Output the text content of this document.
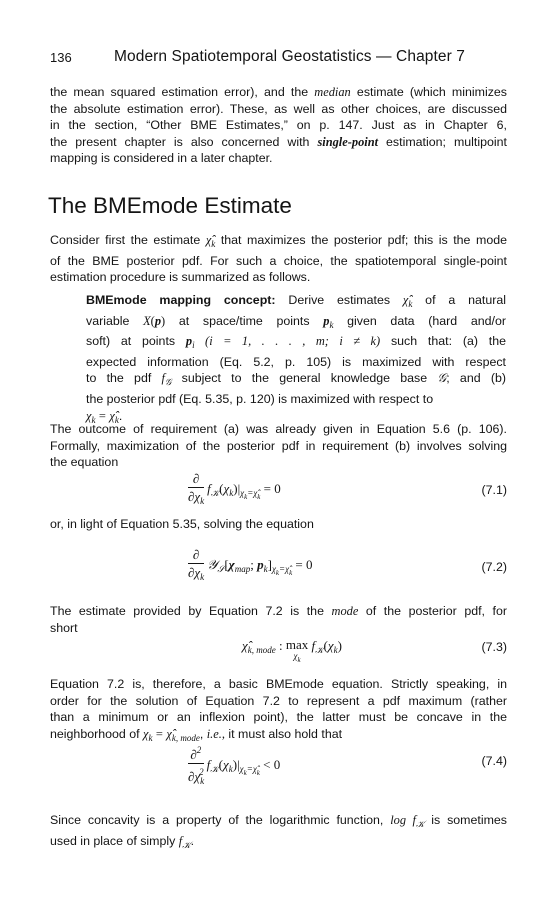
136	Modern Spatiotemporal Geostatistics — Chapter 7
the mean squared estimation error), and the median estimate (which minimizes
the absolute estimation error). These, as well as other choices, are discussed
in the section, “Other BME Estimates,” on p. 147. Just as in Chapter 6,
the present chapter is also concerned with single-point estimation; multipoint
mapping is considered in a later chapter.
The BMEmode Estimate
Consider first the estimate $\chî_k$ that maximizes the posterior pdf; this is the mode
of the BME posterior pdf. For such a choice, the spatiotemporal single-point
estimation procedure is summarized as follows.
BMEmode mapping concept: Derive estimates $\chî_k$ of a natural
variable X(p) at space/time points $p_k$ given data (hard and/or
soft) at points $p_i$ (i = 1, . . . , m; i ≠ k) such that: (a) the
expected information (Eq. 5.2, p. 105) is maximized with respect
to the pdf $f_𝒢$ subject to the general knowledge base 𝒢; and (b)
the posterior pdf (Eq. 5.35, p. 120) is maximized with respect to
$\chi_k$ = $\chî_k$.
The outcome of requirement (a) was already given in Equation 5.6 (p. 106).
Formally, maximization of the posterior pdf in requirement (b) involves solving
the equation
$\frac{\partial}{\partial\chi_k} f_𝒦(\chi_k)|_{\chi_k=\chî_k} = 0$	(7.1)
or, in light of Equation 5.35, solving the equation
$\frac{\partial}{\partial\chi_k}$ $𝒴_𝒮[\chi_{map}$; $p_k]_{\chi_k=\chî_k} = 0$	(7.2)
The estimate provided by Equation 7.2 is the mode of the posterior pdf, for
short
$\chî_{k, mode}$ : max
$\chi_k$
$f_𝒦(\chi_k)$	(7.3)
Equation 7.2 is, therefore, a basic BMEmode equation. Strictly speaking, in
order for the solution of Equation 7.2 to represent a pdf maximum (rather
than a minimum or an inflexion point), the latter must be concave in the
neighborhood of $\chi_k$ = $\chî_{k, mode}$, i.e., it must also hold that
$\frac{\partial^2}{\partial\chi_k^2} f_𝒦(\chi_k)|_{\chi_k=\chî_k} < 0$	(7.4)
Since concavity is a property of the logarithmic function, $\log f_𝒦$ is sometimes
used in place of simply $f_𝒦$.
